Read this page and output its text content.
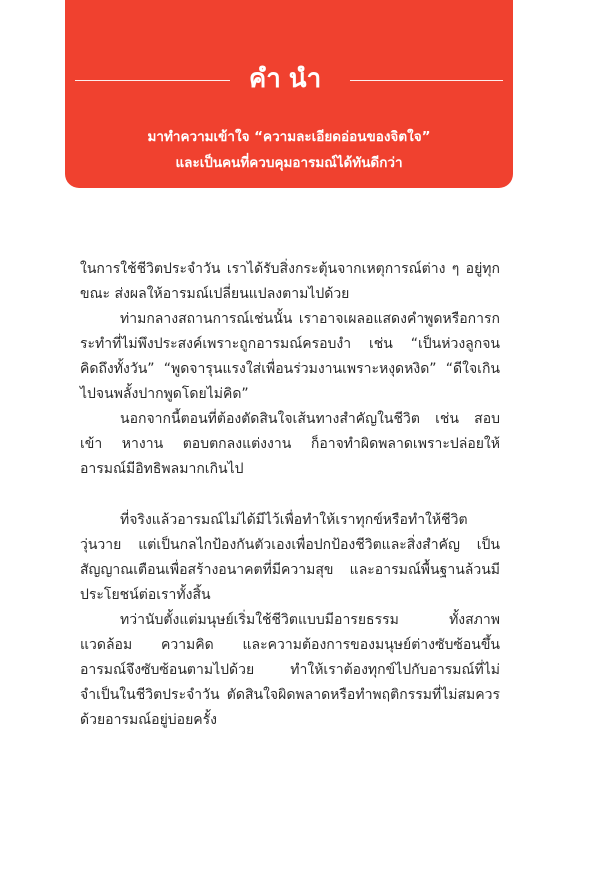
คำนำ
มาทำความเข้าใจ “ความละเอียดอ่อนของจิตใจ”
และเป็นคนที่ควบคุมอารมณ์ได้ทันดีกว่า

ในการใช้ชีวิตประจำวัน เราได้รับสิ่งกระตุ้นจากเหตุการณ์ต่าง ๆ อยู่ทุกขณะ ส่งผลให้อารมณ์เปลี่ยนแปลงตามไปด้วย

ท่ามกลางสถานการณ์เช่นนั้น เราอาจเผลอแสดงคำพูดหรือการกระทำที่ไม่พึงประสงค์เพราะถูกอารมณ์ครอบงำ เช่น “เป็นห่วงลูกจนคิดถึงทั้งวัน” “พูดจารุนแรงใส่เพื่อนร่วมงานเพราะหงุดหงิด” “ดีใจเกินไปจนพลั้งปากพูดโดยไม่คิด”

นอกจากนี้ตอนที่ต้องตัดสินใจเส้นทางสำคัญในชีวิต เช่น สอบเข้า หางาน ตอบตกลงแต่งงาน ก็อาจทำผิดพลาดเพราะปล่อยให้อารมณ์มีอิทธิพลมากเกินไป

ที่จริงแล้วอารมณ์ไม่ได้มีไว้เพื่อทำให้เราทุกข์หรือทำให้ชีวิตวุ่นวาย แต่เป็นกลไกป้องกันตัวเองเพื่อปกป้องชีวิตและสิ่งสำคัญ เป็นสัญญาณเตือนเพื่อสร้างอนาคตที่มีความสุข และอารมณ์พื้นฐานล้วนมีประโยชน์ต่อเราทั้งสิ้น

ทว่านับตั้งแต่มนุษย์เริ่มใช้ชีวิตแบบมีอารยธรรม ทั้งสภาพแวดล้อม ความคิด และความต้องการของมนุษย์ต่างซับซ้อนขึ้น อารมณ์จึงซับซ้อนตามไปด้วย ทำให้เราต้องทุกข์ไปกับอารมณ์ที่ไม่จำเป็นในชีวิตประจำวัน ตัดสินใจผิดพลาดหรือทำพฤติกรรมที่ไม่สมควรด้วยอารมณ์อยู่บ่อยครั้ง
